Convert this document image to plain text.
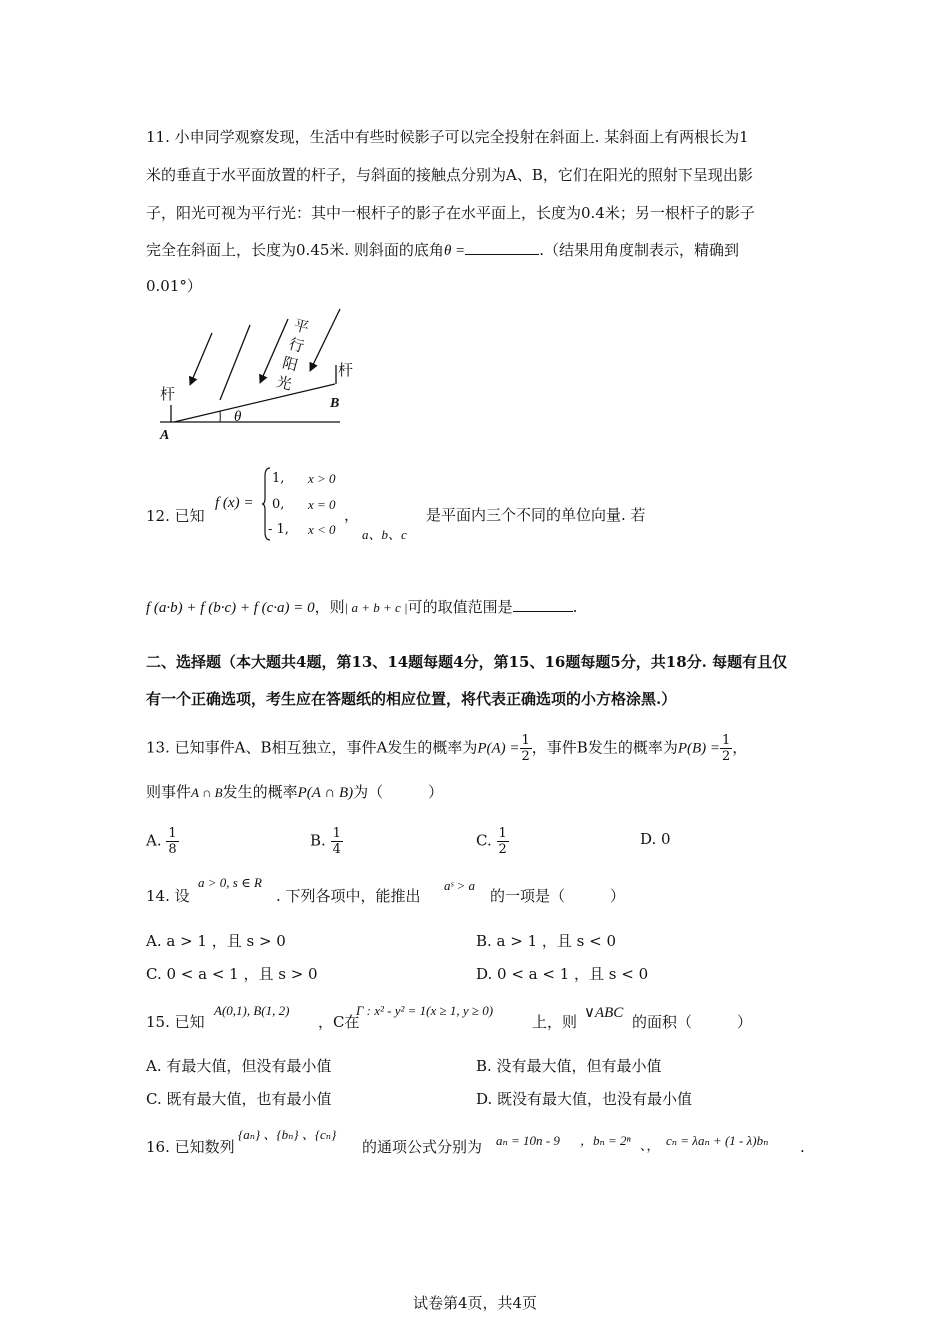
11. 小申同学观察发现，生活中有些时候影子可以完全投射在斜面上. 某斜面上有两根长为1
米的垂直于水平面放置的杆子，与斜面的接触点分别为A、B，它们在阳光的照射下呈现出影
子，阳光可视为平行光：其中一根杆子的影子在水平面上，长度为0.4米；另一根杆子的影子
完全在斜面上，长度为0.45米. 则斜面的底角θ =	.（结果用角度制表示，精确到
0.01°）
杆
杆
平
行
阳
光
A
B
θ
12. 已知
f (x) =
1, x > 0
0, x = 0
- 1, x < 0
，
a、b、c
是平面内三个不同的单位向量. 若
f (a·b) + f (b·c) + f (c·a) = 0，则| a + b + c |可的取值范围是	.
二、选择题（本大题共4题，第13、14题每题4分，第15、16题每题5分，共18分. 每题有且仅
有一个正确选项，考生应在答题纸的相应位置，将代表正确选项的小方格涂黑.）
13. 已知事件A、B相互独立，事件A发生的概率为$P(A) = \frac{1}{2}$ ，事件B发生的概率为$P(B) = \frac{1}{2}$ ，
则事件A ∩ B发生的概率P(A ∩ B)为（　　　）
A. $\frac{1}{8}$	B. $\frac{1}{4}$	C. $\frac{1}{2}$	D. 0
14. 设
a > 0, s ∈ R
. 下列各项中，能推出
aˢ > a
的一项是（　　　）
A. a > 1 ，且 s > 0	B. a > 1 ，且 s < 0
C. 0 < a < 1 ，且 s > 0	D. 0 < a < 1 ，且 s < 0
15. 已知
A(0,1), B(1, 2)
，C在
Γ : x² - y² = 1(x ≥ 1, y ≥ 0)
上，则 ∨ABC 的面积（　　　）
A. 有最大值，但没有最小值	B. 没有最大值，但有最小值
C. 既有最大值，也有最小值	D. 既没有最大值，也没有最小值
16. 已知数列
{aₙ} 、{bₙ} 、{cₙ}
的通项公式分别为 aₙ = 10n - 9 ，bₙ = 2ⁿ 、， cₙ = λaₙ + (1 - λ)bₙ .
试卷第4页，共4页
